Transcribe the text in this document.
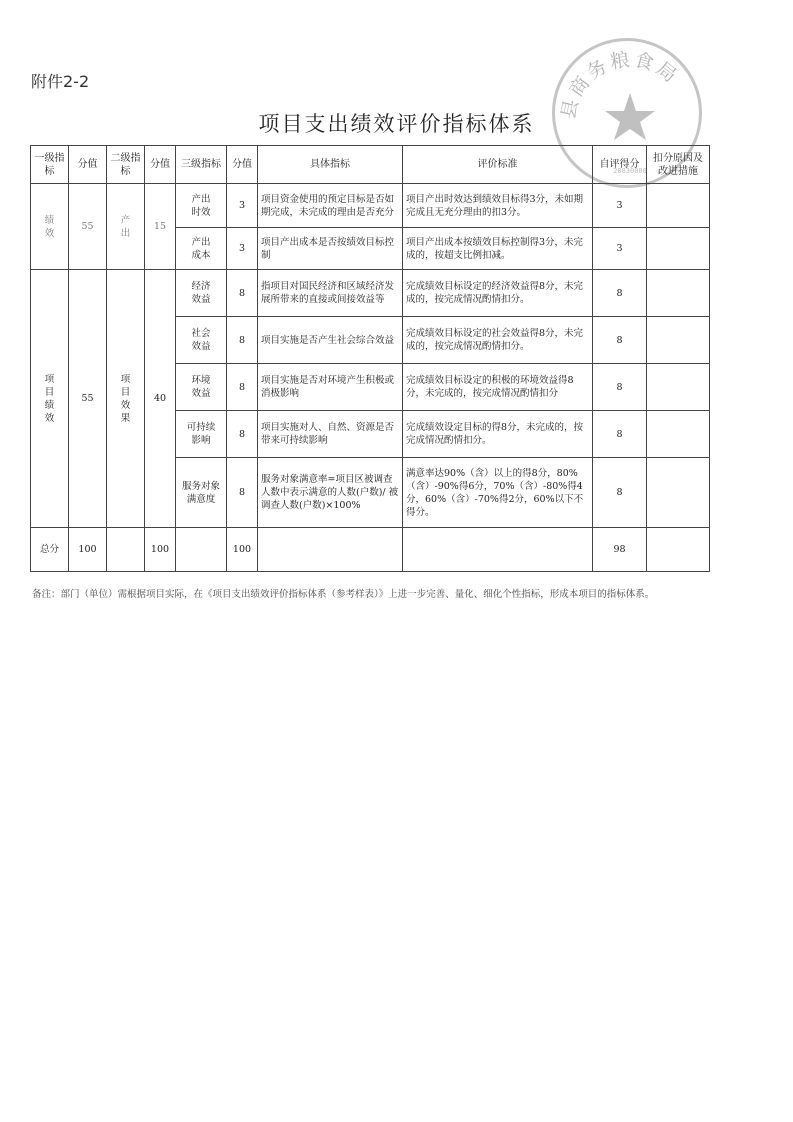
附件2-2
项目支出绩效评价指标体系
县商务粮食局
20830080
一级指标	分值	二级指标	分值	三级指标	分值	具体指标	评价标准	自评得分	扣分原因及改进措施
绩效	55	产出	15	产出时效	3	项目资金使用的预定目标是否如期完成，未完成的理由是否充分	项目产出时效达到绩效目标得3分，未如期完成且无充分理由的扣3分。	3	
				产出成本	3	项目产出成本是否按绩效目标控制	项目产出成本按绩效目标控制得3分，未完成的，按超支比例扣减。	3	
项目绩效	55	项目效果	40	经济效益	8	指项目对国民经济和区域经济发展所带来的直接或间接效益等	完成绩效目标设定的经济效益得8分，未完成的，按完成情况酌情扣分。	8	
				社会效益	8	项目实施是否产生社会综合效益	完成绩效目标设定的社会效益得8分，未完成的，按完成情况酌情扣分。	8	
				环境效益	8	项目实施是否对环境产生积极或消极影响	完成绩效目标设定的积极的环境效益得8分，未完成的，按完成情况酌情扣分	8	
				可持续影响	8	项目实施对人、自然、资源是否带来可持续影响	完成绩效设定目标的得8分，未完成的，按完成情况酌情扣分。	8	
				服务对象满意度	8	服务对象满意率=项目区被调查人数中表示满意的人数(户数)/ 被调查人数(户数)×100%	满意率达90%（含）以上的得8分，80%（含）-90%得6分，70%（含）-80%得4分，60%（含）-70%得2分，60%以下不得分。	8	
总分	100		100		100			98	
备注：部门（单位）需根据项目实际，在《项目支出绩效评价指标体系（参考样表）》上进一步完善、量化、细化个性指标，形成本项目的指标体系。
